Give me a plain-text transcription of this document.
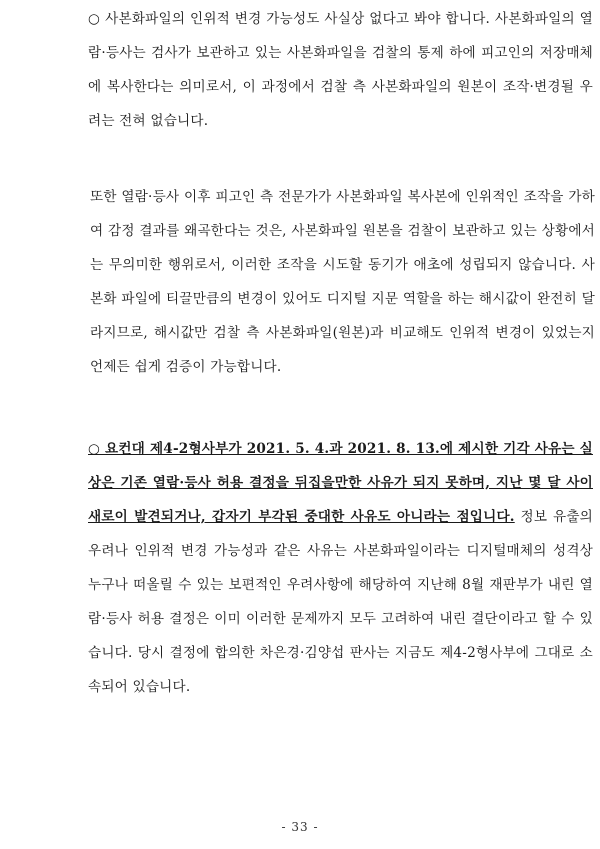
○ 사본화파일의 인위적 변경 가능성도 사실상 없다고 봐야 합니다. 사본화파일의 열람·등사는 검사가 보관하고 있는 사본화파일을 검찰의 통제 하에 피고인의 저장매체에 복사한다는 의미로서, 이 과정에서 검찰 측 사본화파일의 원본이 조작·변경될 우려는 전혀 없습니다.

또한 열람·등사 이후 피고인 측 전문가가 사본화파일 복사본에 인위적인 조작을 가하여 감정 결과를 왜곡한다는 것은, 사본화파일 원본을 검찰이 보관하고 있는 상황에서는 무의미한 행위로서, 이러한 조작을 시도할 동기가 애초에 성립되지 않습니다. 사본화 파일에 티끌만큼의 변경이 있어도 디지털 지문 역할을 하는 해시값이 완전히 달라지므로, 해시값만 검찰 측 사본화파일(원본)과 비교해도 인위적 변경이 있었는지 언제든 쉽게 검증이 가능합니다.

○ 요컨대 제4-2형사부가 2021. 5. 4.과 2021. 8. 13.에 제시한 기각 사유는 실상은 기존 열람·등사 허용 결정을 뒤집을만한 사유가 되지 못하며, 지난 몇 달 사이 새로이 발견되거나, 갑자기 부각된 중대한 사유도 아니라는 점입니다. 정보 유출의 우려나 인위적 변경 가능성과 같은 사유는 사본화파일이라는 디지털매체의 성격상 누구나 떠올릴 수 있는 보편적인 우려사항에 해당하여 지난해 8월 재판부가 내린 열람·등사 허용 결정은 이미 이러한 문제까지 모두 고려하여 내린 결단이라고 할 수 있습니다. 당시 결정에 합의한 차은경·김양섭 판사는 지금도 제4-2형사부에 그대로 소속되어 있습니다.

- 33 -
